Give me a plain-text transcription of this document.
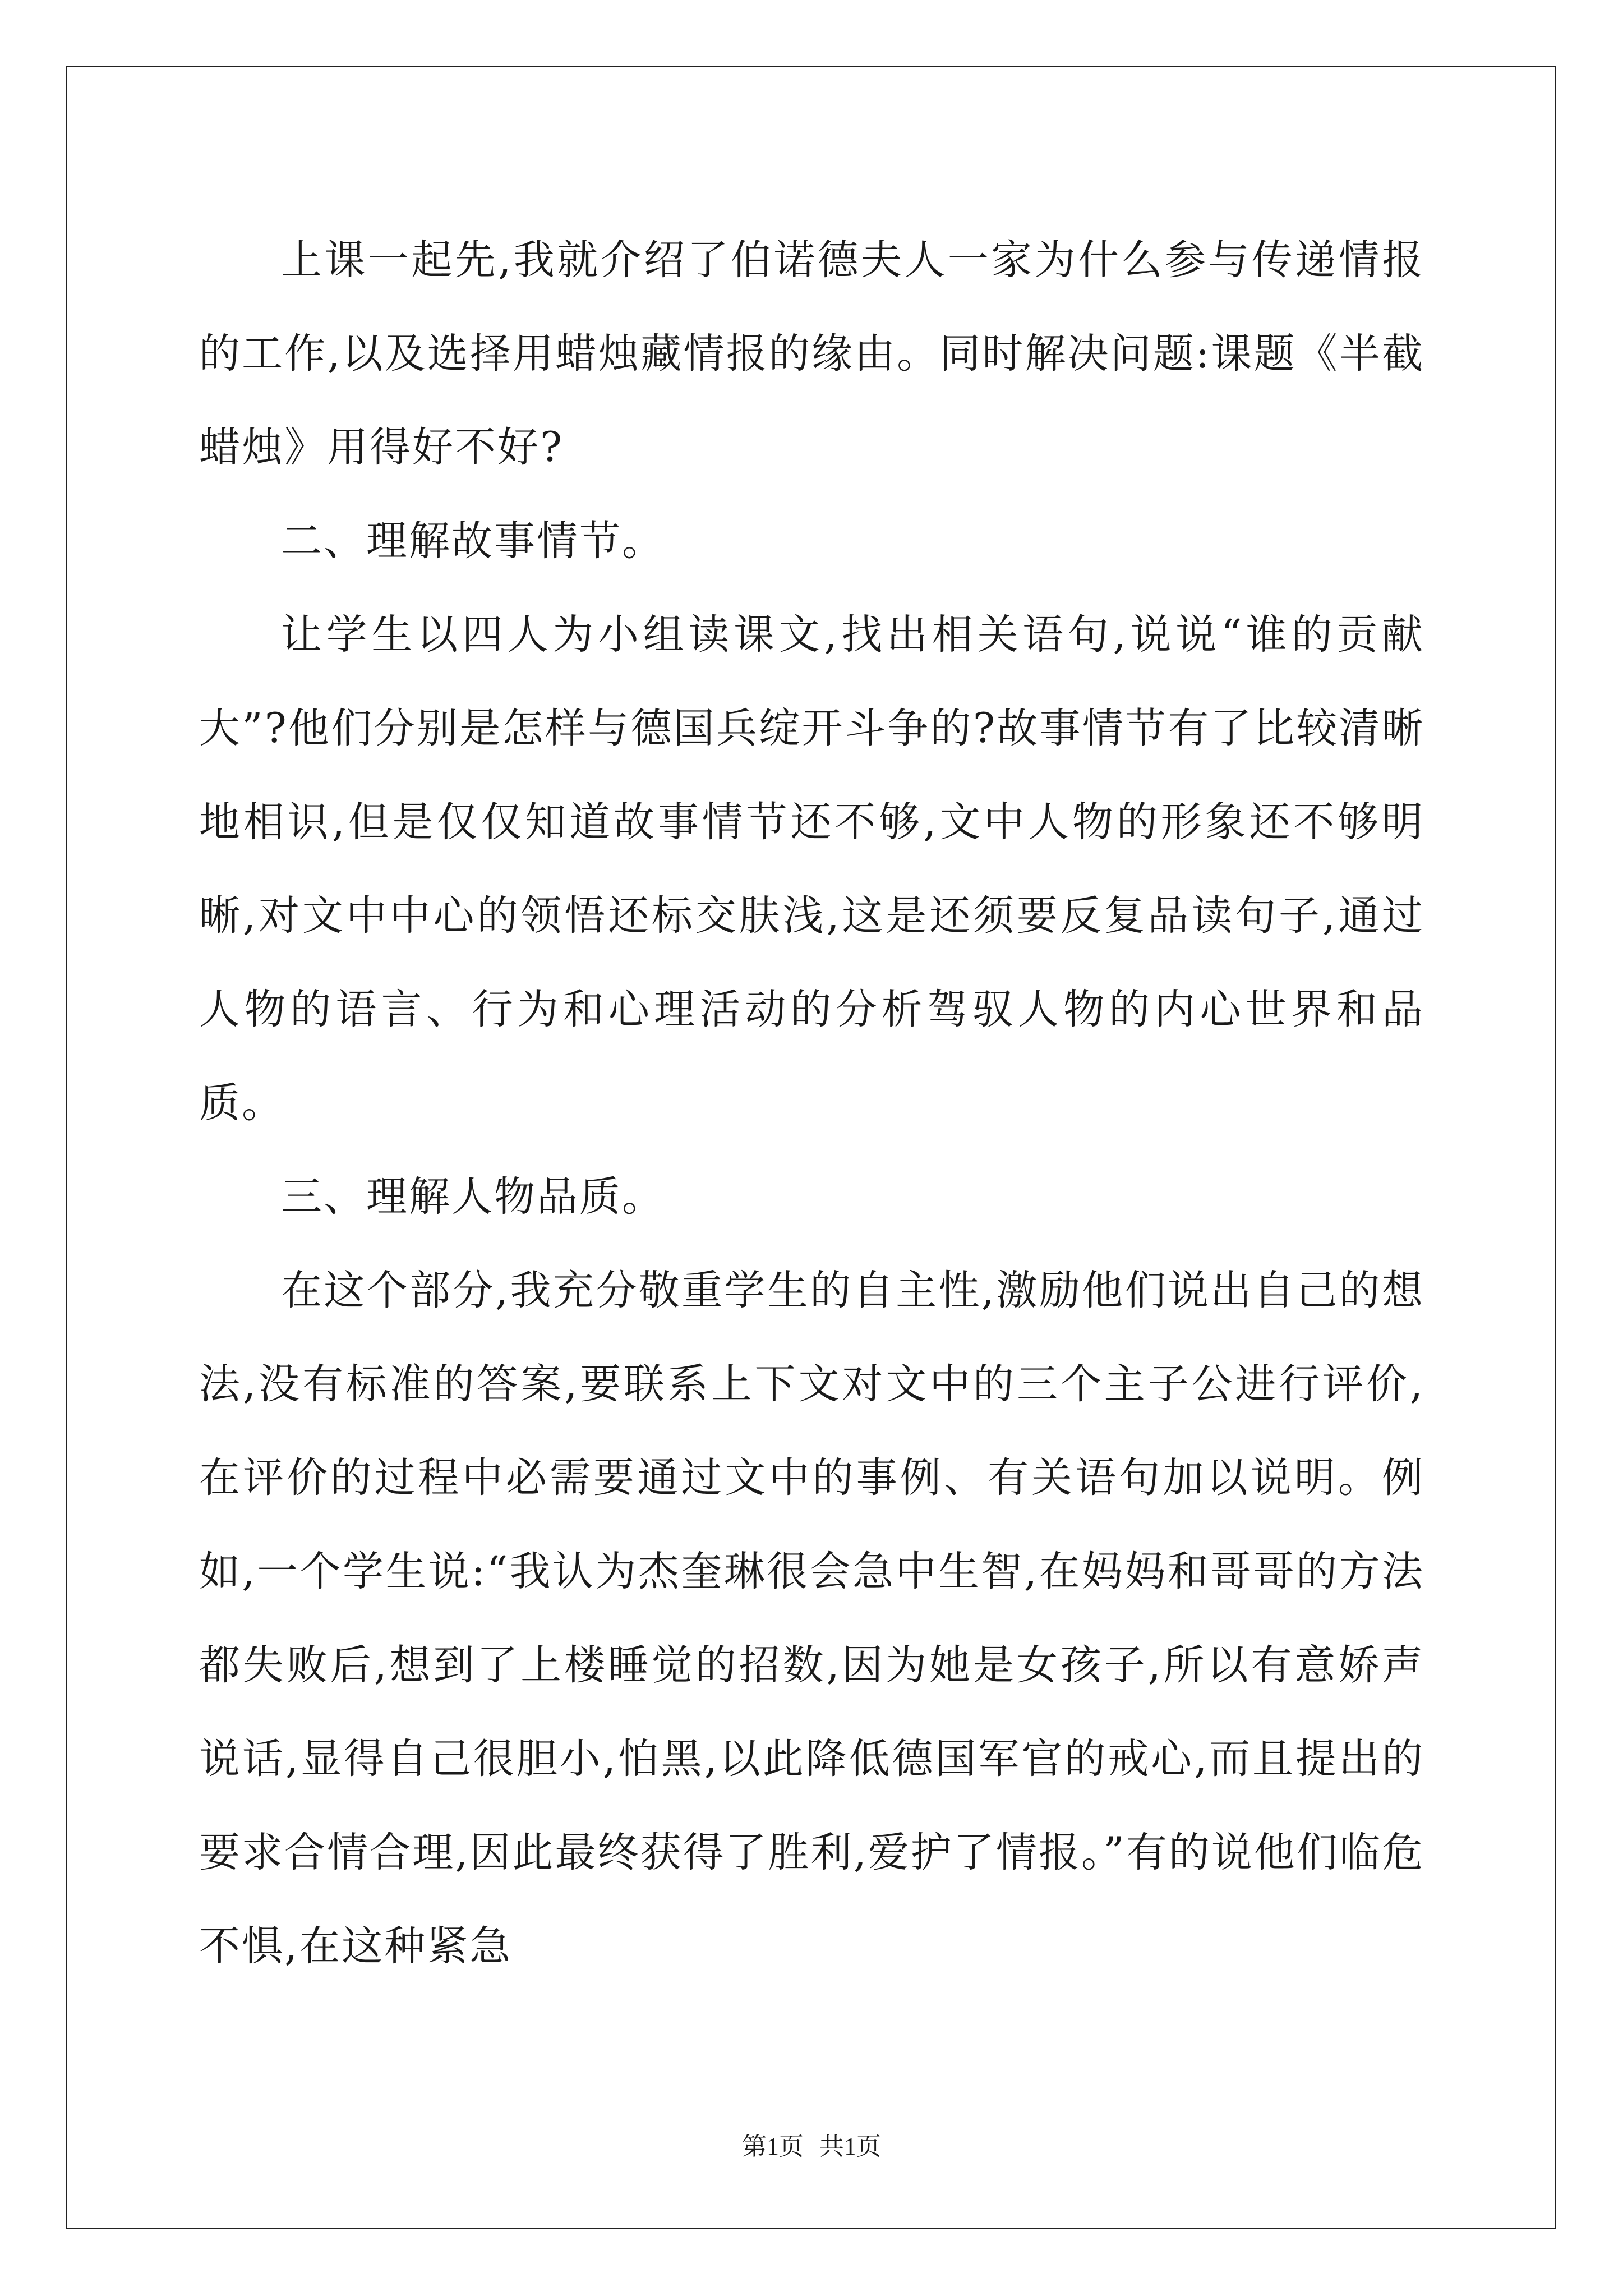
上课一起先,我就介绍了伯诺德夫人一家为什么参与传递情报的工作,以及选择用蜡烛藏情报的缘由。同时解决问题:课题《半截蜡烛》用得好不好?

二、理解故事情节。

让学生以四人为小组读课文,找出相关语句,说说“谁的贡献大”?他们分别是怎样与德国兵绽开斗争的?故事情节有了比较清晰地相识,但是仅仅知道故事情节还不够,文中人物的形象还不够明晰,对文中中心的领悟还标交肤浅,这是还须要反复品读句子,通过人物的语言、行为和心理活动的分析驾驭人物的内心世界和品质。

三、理解人物品质。

在这个部分,我充分敬重学生的自主性,激励他们说出自己的想法,没有标准的答案,要联系上下文对文中的三个主子公进行评价,在评价的过程中必需要通过文中的事例、有关语句加以说明。例如,一个学生说:“我认为杰奎琳很会急中生智,在妈妈和哥哥的方法都失败后,想到了上楼睡觉的招数,因为她是女孩子,所以有意娇声说话,显得自己很胆小,怕黑,以此降低德国军官的戒心,而且提出的要求合情合理,因此最终获得了胜利,爱护了情报。”有的说他们临危不惧,在这种紧急

第1页 共1页
